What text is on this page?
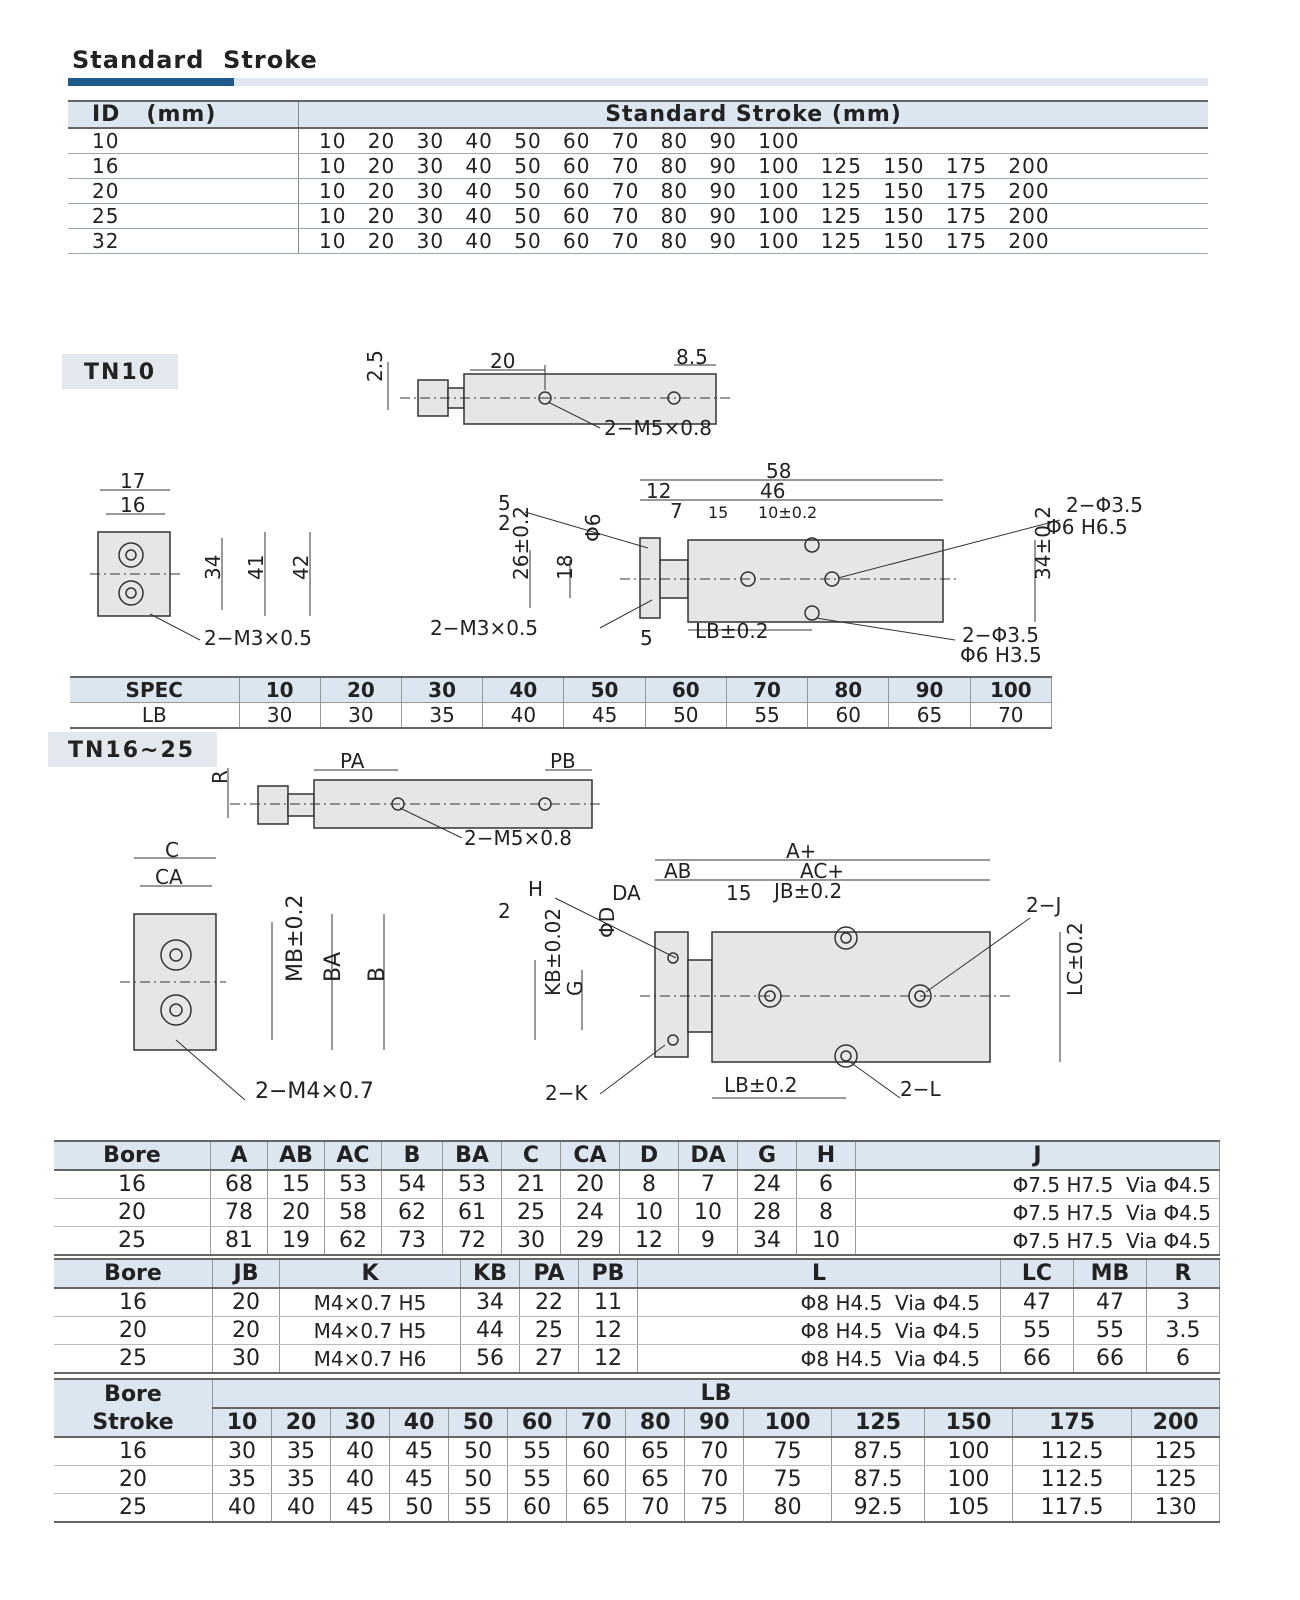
Standard  Stroke
ID   (mm)	Standard Stroke (mm)
10	10 20 30 40 50 60 70 80 90 100
16	10 20 30 40 50 60 70 80 90 100 125 150 175 200
20	10 20 30 40 50 60 70 80 90 100 125 150 175 200
25	10 20 30 40 50 60 70 80 90 100 125 150 175 200
32	10 20 30 40 50 60 70 80 90 100 125 150 175 200
TN10	2.5	20	8.5
2−M5×0.8
17
16
34 41 42
2−M3×0.5
58
12	46
7 15 10±0.2
5
2	Φ6
26±0.2 18
2−M3×0.5	5 LB±0.2
34±0.2
2−Φ3.5
Φ6 H6.5
2−Φ3.5
Φ6 H3.5
SPEC	10	20	30	40	50	60	70	80	90	100
LB	30	30	35	40	45	50	55	60	65	70
TN16~25
R
PA	PB
2−M5×0.8
C
CA
MB±0.2 BA B
2−M4×0.7
H
2
DA
AB
A+
AC+
15 JB±0.2
2−J
ΦD
KB±0.02
G	LC±0.2
2−K	LB±0.2	2−L
Bore	A	AB	AC	B	BA	C	CA	D	DA	G	H	J
16	68	15	53	54	53	21	20	8	7	24	6	Φ7.5 H7.5  Via Φ4.5
20	78	20	58	62	61	25	24	10	10	28	8	Φ7.5 H7.5  Via Φ4.5
25	81	19	62	73	72	30	29	12	9	34	10	Φ7.5 H7.5  Via Φ4.5
Bore	JB	K	KB	PA	PB	L	LC	MB	R
16	20	M4×0.7 H5	34	22	11	Φ8 H4.5  Via Φ4.5	47	47	3
20	20	M4×0.7 H5	44	25	12	Φ8 H4.5  Via Φ4.5	55	55	3.5
25	30	M4×0.7 H6	56	27	12	Φ8 H4.5  Via Φ4.5	66	66	6
Bore	LB													
Stroke	10	20	30	40	50	60	70	80	90	100	125	150	175	200
16	30	35	40	45	50	55	60	65	70	75	87.5	100	112.5	125
20	35	35	40	45	50	55	60	65	70	75	87.5	100	112.5	125
25	40	40	45	50	55	60	65	70	75	80	92.5	105	117.5	130
